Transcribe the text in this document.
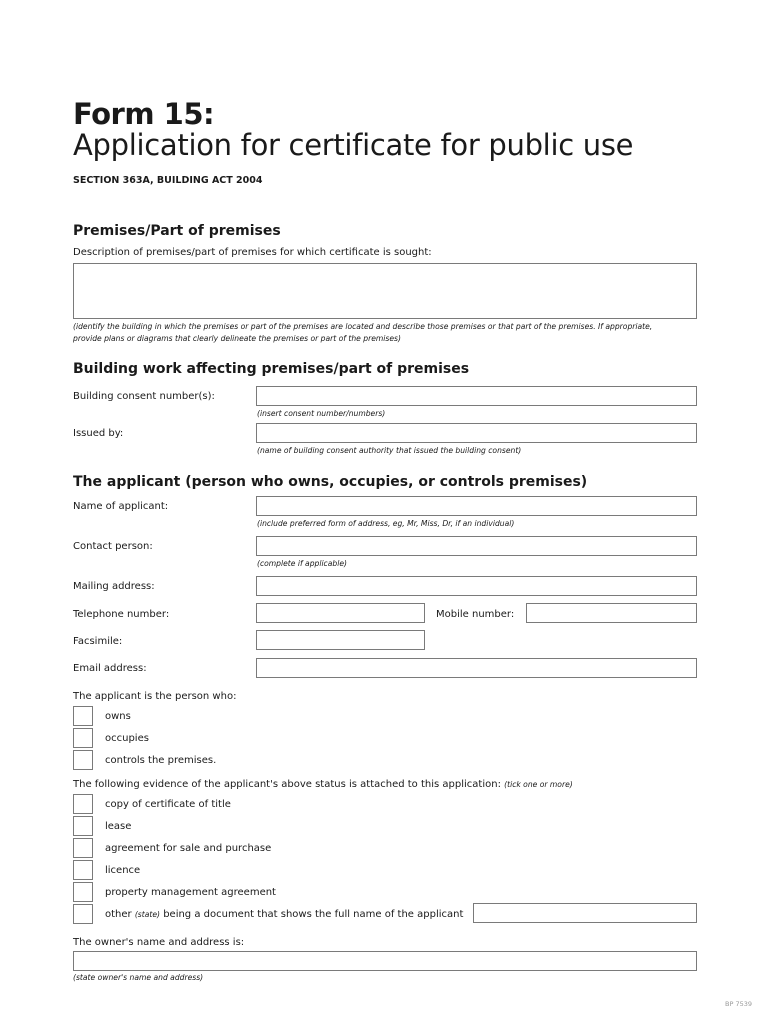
Form 15:
Application for certificate for public use
SECTION 363A, BUILDING ACT 2004
Premises/Part of premises
Description of premises/part of premises for which certificate is sought:
(identify the building in which the premises or part of the premises are located and describe those premises or that part of the premises. If appropriate,
provide plans or diagrams that clearly delineate the premises or part of the premises)
Building work affecting premises/part of premises
Building consent number(s):
(insert consent number/numbers)
Issued by:
(name of building consent authority that issued the building consent)
The applicant (person who owns, occupies, or controls premises)
Name of applicant:
(include preferred form of address, eg, Mr, Miss, Dr, if an individual)
Contact person:
(complete if applicable)
Mailing address:
Telephone number:	Mobile number:
Facsimile:
Email address:
The applicant is the person who:
owns
occupies
controls the premises.
The following evidence of the applicant's above status is attached to this application: (tick one or more)
copy of certificate of title
lease
agreement for sale and purchase
licence
property management agreement
other (state) being a document that shows the full name of the applicant
The owner's name and address is:
(state owner's name and address)
BP 7539
